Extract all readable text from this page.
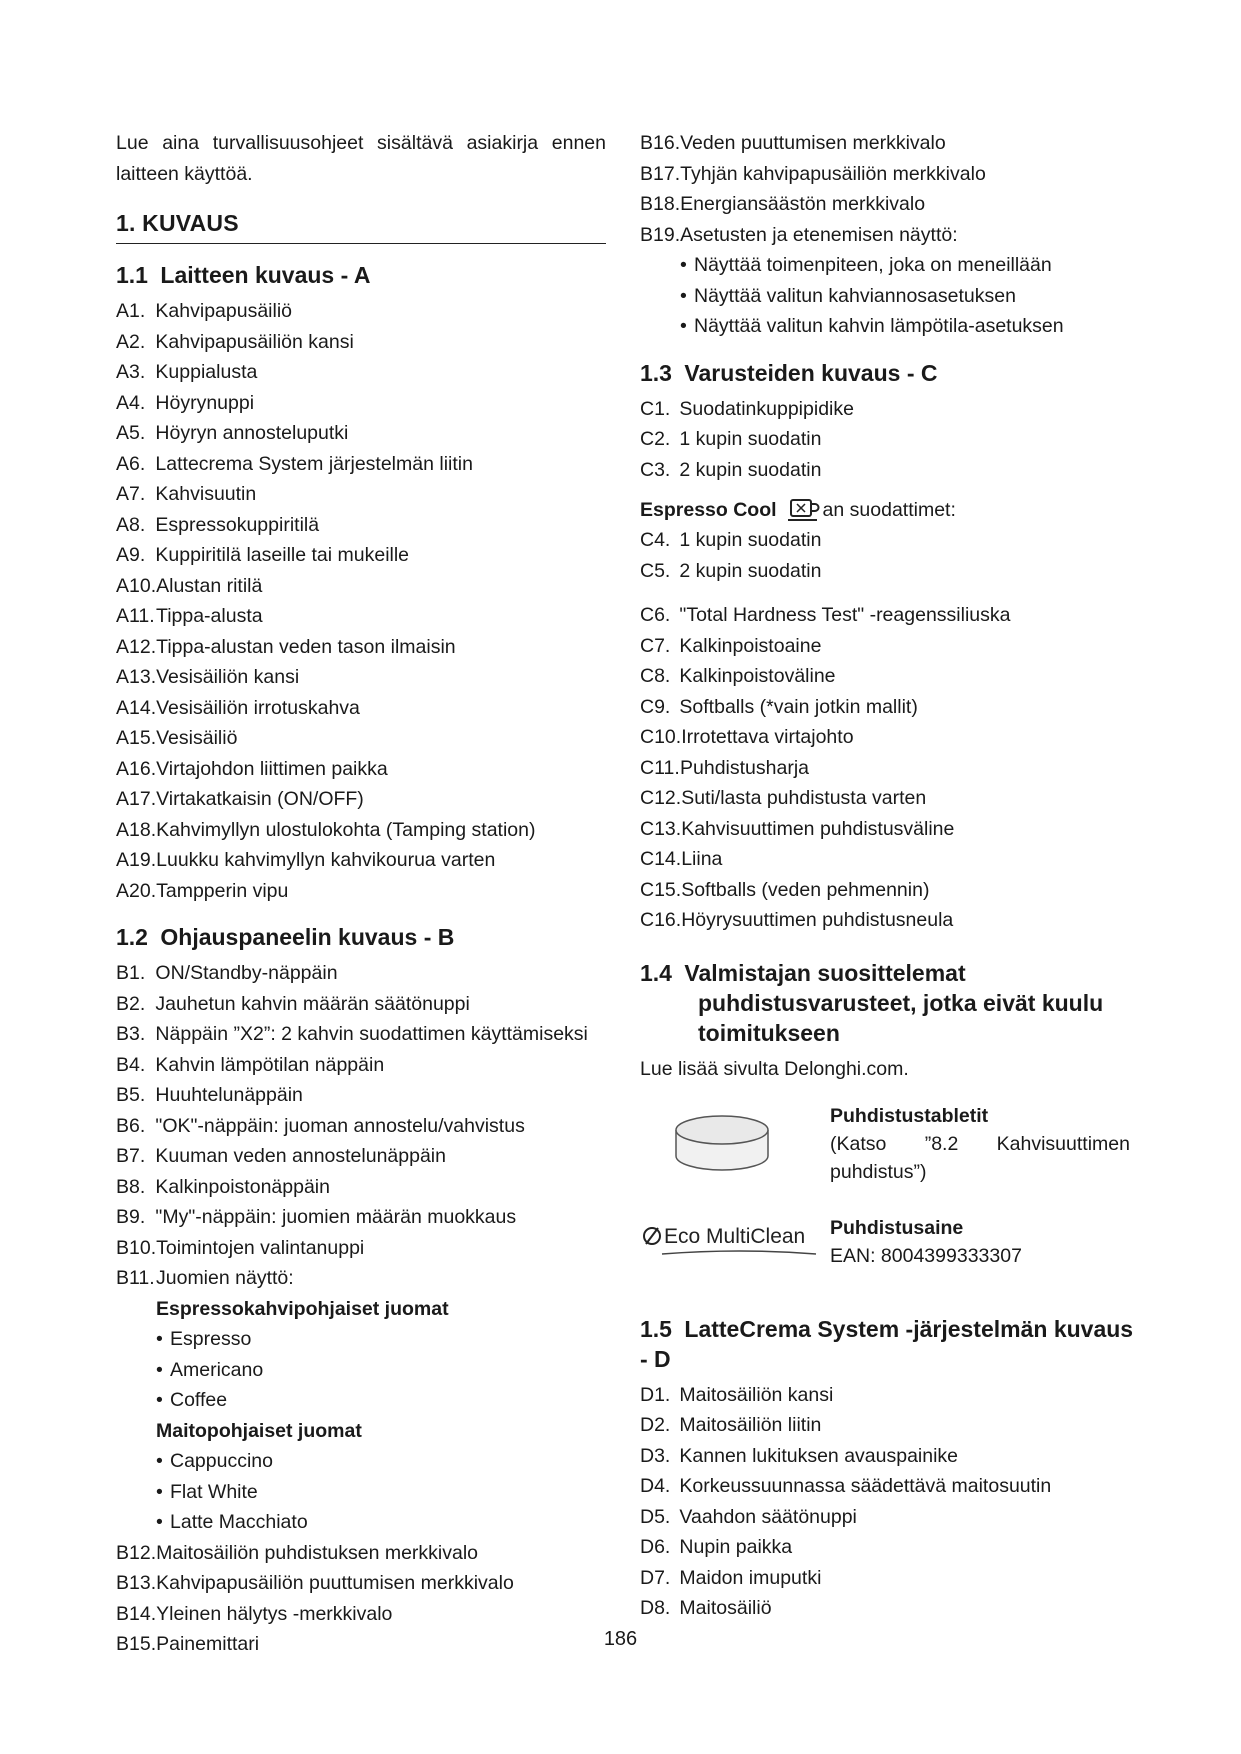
Lue aina turvallisuusohjeet sisältävä asiakirja ennen laitteen käyttöä.

1. KUVAUS
1.1 Laitteen kuvaus - A
A1. Kahvipapusäiliö
A2. Kahvipapusäiliön kansi
A3. Kuppialusta
A4. Höyrynuppi
A5. Höyryn annosteluputki
A6. Lattecrema System järjestelmän liitin
A7. Kahvisuutin
A8. Espressokuppiritilä
A9. Kuppiritilä laseille tai mukeille
A10. Alustan ritilä
A11. Tippa-alusta
A12. Tippa-alustan veden tason ilmaisin
A13. Vesisäiliön kansi
A14. Vesisäiliön irrotuskahva
A15. Vesisäiliö
A16. Virtajohdon liittimen paikka
A17. Virtakatkaisin (ON/OFF)
A18. Kahvimyllyn ulostulokohta (Tamping station)
A19. Luukku kahvimyllyn kahvikourua varten
A20. Tampperin vipu
1.2 Ohjauspaneelin kuvaus - B
B1. ON/Standby-näppäin
B2. Jauhetun kahvin määrän säätönuppi
B3. Näppäin ”X2”: 2 kahvin suodattimen käyttämiseksi
B4. Kahvin lämpötilan näppäin
B5. Huuhtelunäppäin
B6. "OK"-näppäin: juoman annostelu/vahvistus
B7. Kuuman veden annostelunäppäin
B8. Kalkinpoistonäppäin
B9. "My"-näppäin: juomien määrän muokkaus
B10. Toimintojen valintanuppi
B11. Juomien näyttö:
Espressokahvipohjaiset juomat
• Espresso
• Americano
• Coffee
Maitopohjaiset juomat
• Cappuccino
• Flat White
• Latte Macchiato
B12. Maitosäiliön puhdistuksen merkkivalo
B13. Kahvipapusäiliön puuttumisen merkkivalo
B14. Yleinen hälytys -merkkivalo
B15. Painemittari
B16. Veden puuttumisen merkkivalo
B17. Tyhjän kahvipapusäiliön merkkivalo
B18. Energiansäästön merkkivalo
B19. Asetusten ja etenemisen näyttö:
• Näyttää toimenpiteen, joka on meneillään
• Näyttää valitun kahviannosasetuksen
• Näyttää valitun kahvin lämpötila-asetuksen
1.3 Varusteiden kuvaus - C
C1. Suodatinkuppipidike
C2. 1 kupin suodatin
C3. 2 kupin suodatin
Espresso Cool an suodattimet:
C4. 1 kupin suodatin
C5. 2 kupin suodatin
C6. "Total Hardness Test" -reagenssiliuska
C7. Kalkinpoistoaine
C8. Kalkinpoistoväline
C9. Softballs (*vain jotkin mallit)
C10. Irrotettava virtajohto
C11. Puhdistusharja
C12. Suti/lasta puhdistusta varten
C13. Kahvisuuttimen puhdistusväline
C14. Liina
C15. Softballs (veden pehmennin)
C16. Höyrysuuttimen puhdistusneula
1.4 Valmistajan suosittelemat
puhdistusvarusteet, jotka eivät kuulu
toimitukseen
Lue lisää sivulta Delonghi.com.
Puhdistustabletit
(Katso ”8.2 Kahvisuuttimen
puhdistus”)
Eco MultiClean Puhdistusaine
EAN: 8004399333307
1.5 LatteCrema System -järjestelmän kuvaus - D
D1. Maitosäiliön kansi
D2. Maitosäiliön liitin
D3. Kannen lukituksen avauspainike
D4. Korkeussuunnassa säädettävä maitosuutin
D5. Vaahdon säätönuppi
D6. Nupin paikka
D7. Maidon imuputki
D8. Maitosäiliö
186
